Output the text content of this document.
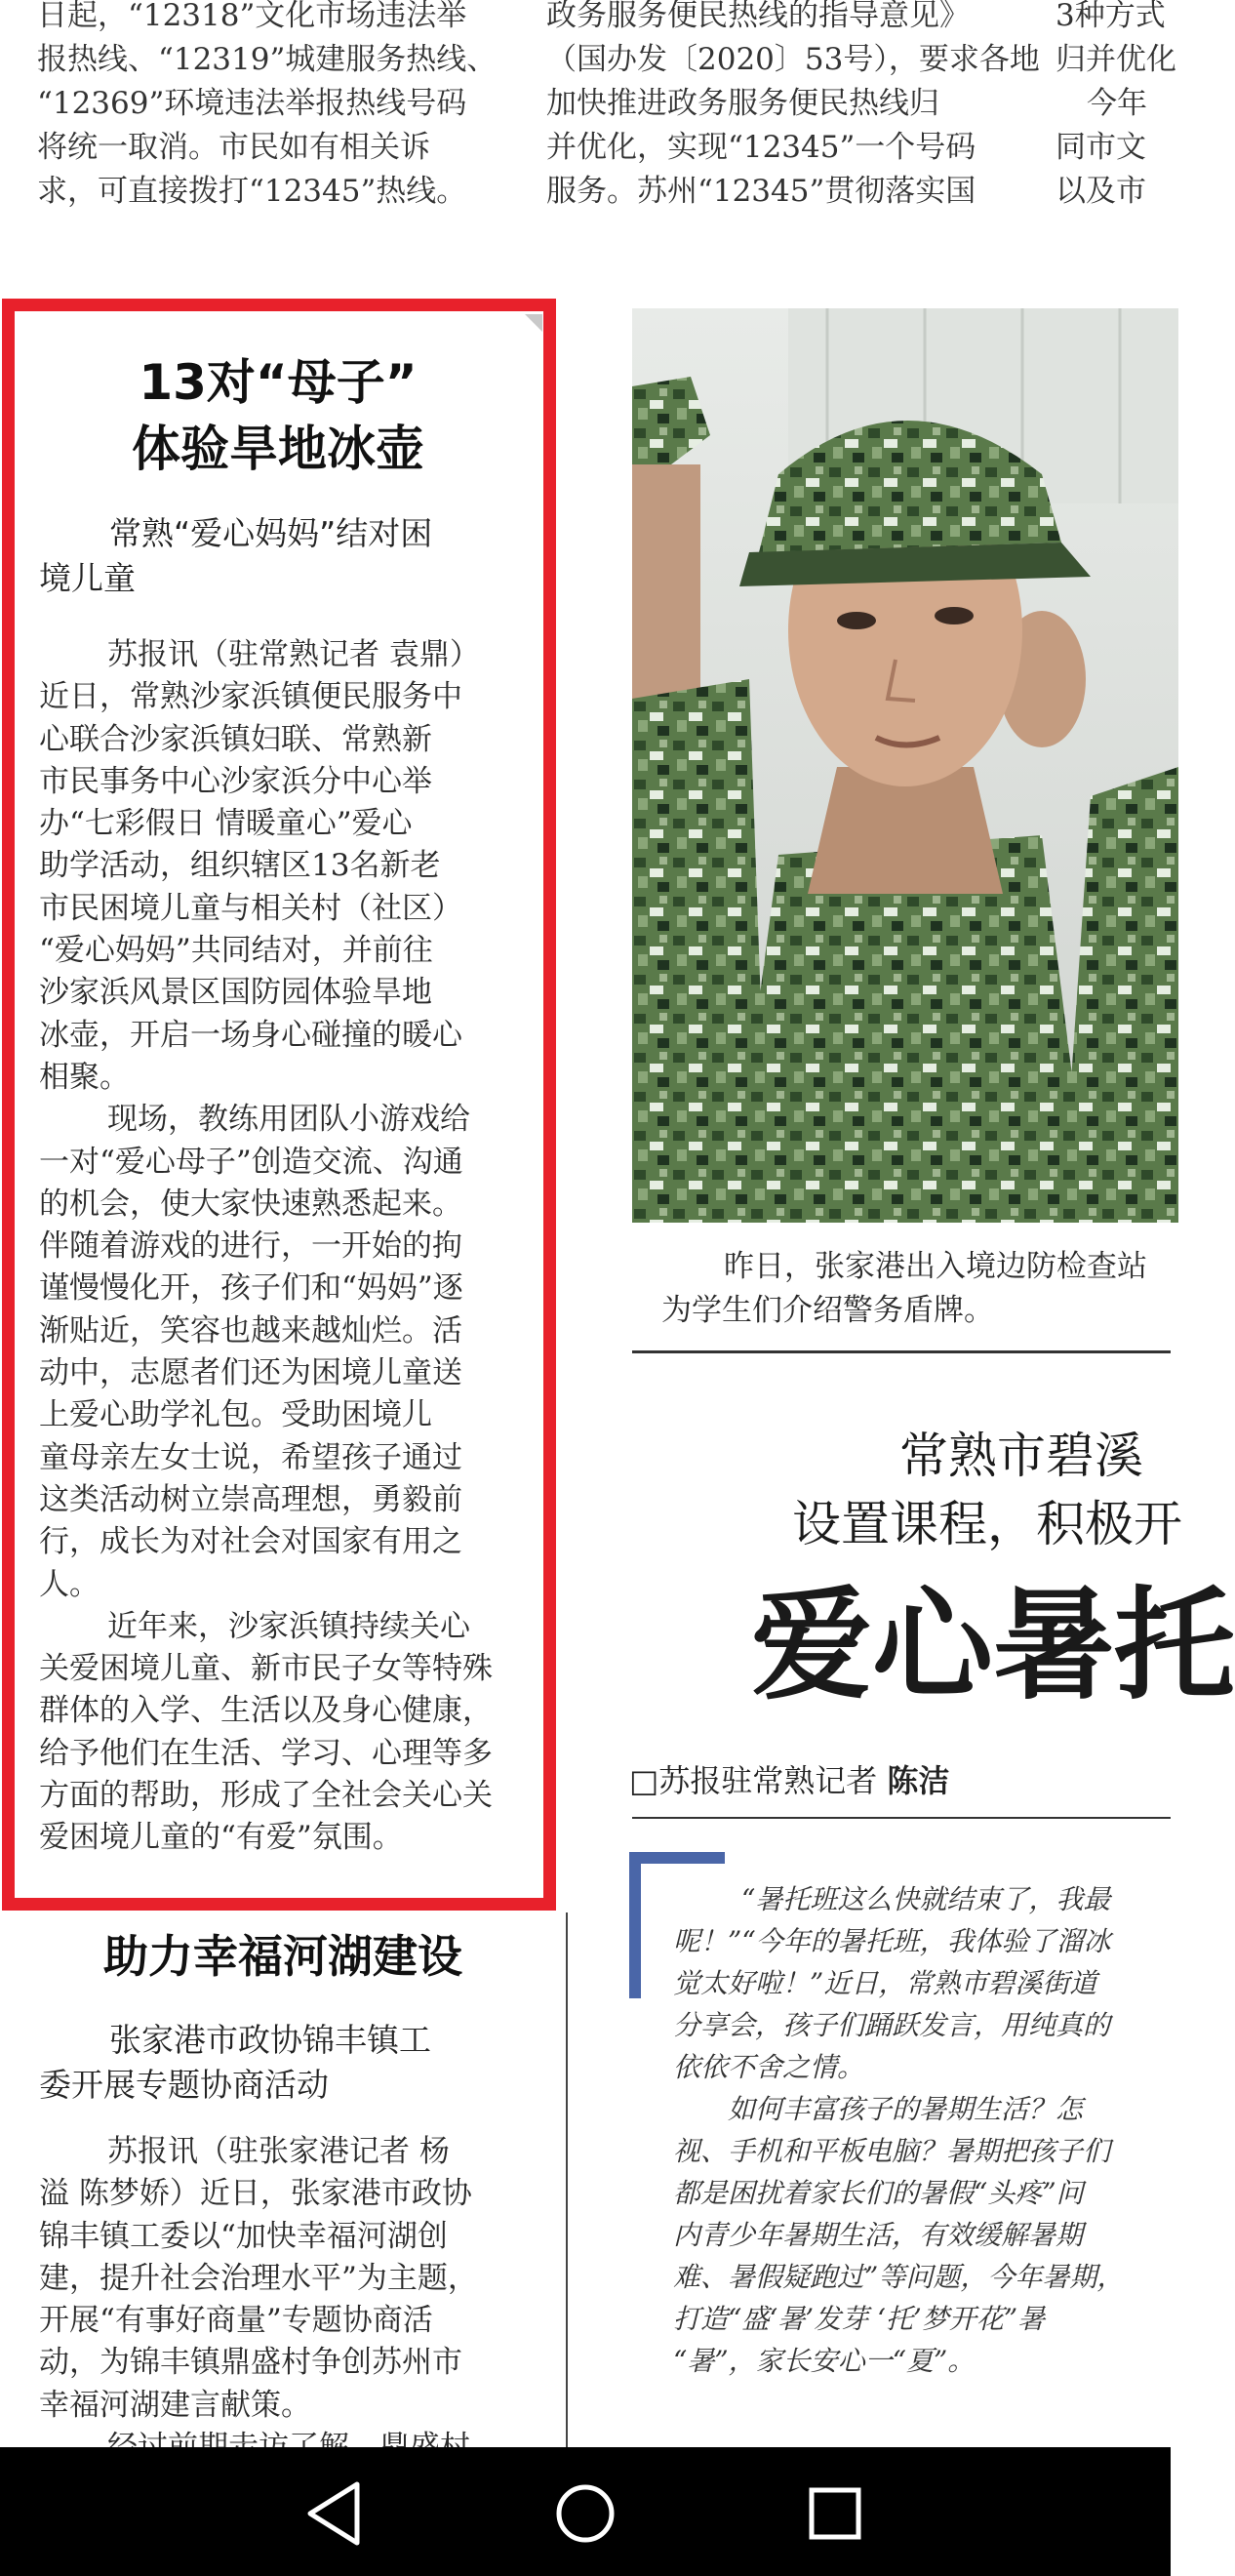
日起，“12318”文化市场违法举

报热线、“12319”城建服务热线、

“12369”环境违法举报热线号码

将统一取消。市民如有相关诉

求，可直接拨打“12345”热线。

政务服务便民热线的指导意见》

（国办发〔2020〕53号），要求各地

加快推进政务服务便民热线归

并优化，实现“12345”一个号码

服务。苏州“12345”贯彻落实国

3种方式

归并优化

今年

同市文

以及市

13对“母子”
体验旱地冰壶
常熟“爱心妈妈”结对困
境儿童

苏报讯（驻常熟记者 袁鼎）

近日，常熟沙家浜镇便民服务中

心联合沙家浜镇妇联、常熟新

市民事务中心沙家浜分中心举

办“七彩假日 情暖童心”爱心

助学活动，组织辖区13名新老

市民困境儿童与相关村（社区）

“爱心妈妈”共同结对，并前往

沙家浜风景区国防园体验旱地

冰壶，开启一场身心碰撞的暖心

相聚。

现场，教练用团队小游戏给

一对“爱心母子”创造交流、沟通

的机会，使大家快速熟悉起来。

伴随着游戏的进行，一开始的拘

谨慢慢化开，孩子们和“妈妈”逐

渐贴近，笑容也越来越灿烂。活

动中，志愿者们还为困境儿童送

上爱心助学礼包。受助困境儿

童母亲左女士说，希望孩子通过

这类活动树立崇高理想，勇毅前

行，成长为对社会对国家有用之

人。

近年来，沙家浜镇持续关心

关爱困境儿童、新市民子女等特殊

群体的入学、生活以及身心健康，

给予他们在生活、学习、心理等多

方面的帮助，形成了全社会关心关

爱困境儿童的“有爱”氛围。

助力幸福河湖建设
张家港市政协锦丰镇工
委开展专题协商活动

苏报讯（驻张家港记者 杨

溢 陈梦娇）近日，张家港市政协

锦丰镇工委以“加快幸福河湖创

建，提升社会治理水平”为主题，

开展“有事好商量”专题协商活

动，为锦丰镇鼎盛村争创苏州市

幸福河湖建言献策。

昨日，张家港出入境边防检查站
为学生们介绍警务盾牌。
常熟市碧溪
设置课程，积极开
爱心暑托
□苏报驻常熟记者 陈洁

“暑托班这么快就结束了，我最

呢！”“今年的暑托班，我体验了溜冰

觉太好啦！”近日，常熟市碧溪街道

分享会，孩子们踊跃发言，用纯真的

依依不舍之情。

如何丰富孩子的暑期生活？怎

视、手机和平板电脑？暑期把孩子们

都是困扰着家长们的暑假“头疼”问

内青少年暑期生活，有效缓解暑期

难、暑假疑跑过”等问题，今年暑期，

打造“盛‘暑’发芽 ‘托’梦开花”暑

“暑”，家长安心一“夏”。
